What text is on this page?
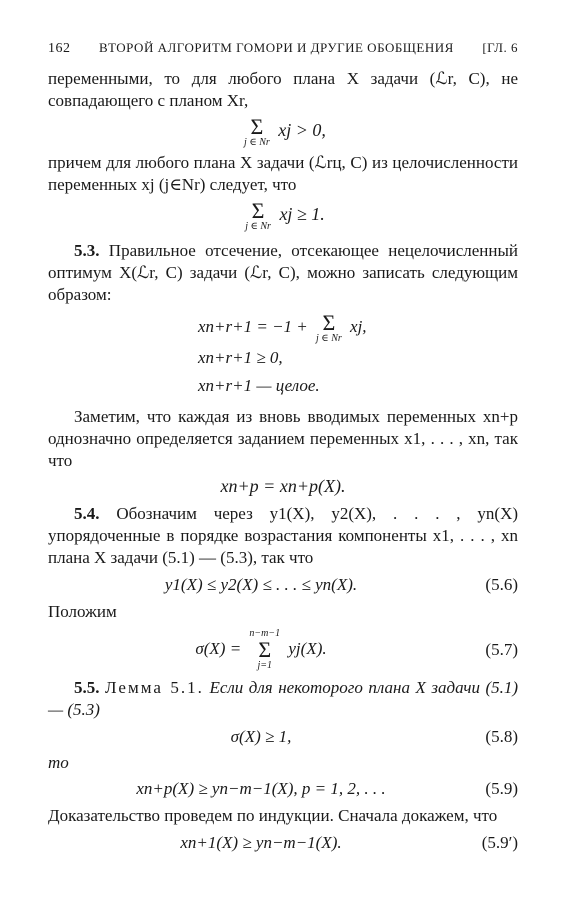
162 ВТОРОЙ АЛГОРИТМ ГОМОРИ И ДРУГИЕ ОБОБЩЕНИЯ [ГЛ. 6

переменными, то для любого плана X задачи (ℒr, C), не совпадающего с планом Xr,

Σ
j ∈ Nr
xj > 0,

причем для любого плана X задачи (ℒrц, C) из целочисленности переменных xj (j∈Nr) следует, что

Σ
j ∈ Nr
xj ≥ 1.

5.3. Правильное отсечение, отсекающее нецелочисленный оптимум X(ℒr, C) задачи (ℒr, C), можно записать следующим образом:

xn+r+1 = −1 + Σ
j ∈ Nr
xj,
xn+r+1 ≥ 0,
xn+r+1 — целое.

Заметим, что каждая из вновь вводимых переменных xn+p однозначно определяется заданием переменных x1, . . . , xn, так что

xn+p = xn+p(X).

5.4. Обозначим через y1(X), y2(X), . . . , yn(X) упорядоченные в порядке возрастания компоненты x1, . . . , xn плана X задачи (5.1) — (5.3), так что

y1(X) ≤ y2(X) ≤ . . . ≤ yn(X).	(5.6)

Положим

σ(X) =
n−m−1
Σ
j=1
yj(X).	(5.7)

5.5. Лемма 5.1. Если для некоторого плана X задачи (5.1) — (5.3)

σ(X) ≥ 1,	(5.8)
то
xn+p(X) ≥ yn−m−1(X), p = 1, 2, . . .	(5.9)

Доказательство проведем по индукции. Сначала докажем, что

xn+1(X) ≥ yn−m−1(X).	(5.9′)
